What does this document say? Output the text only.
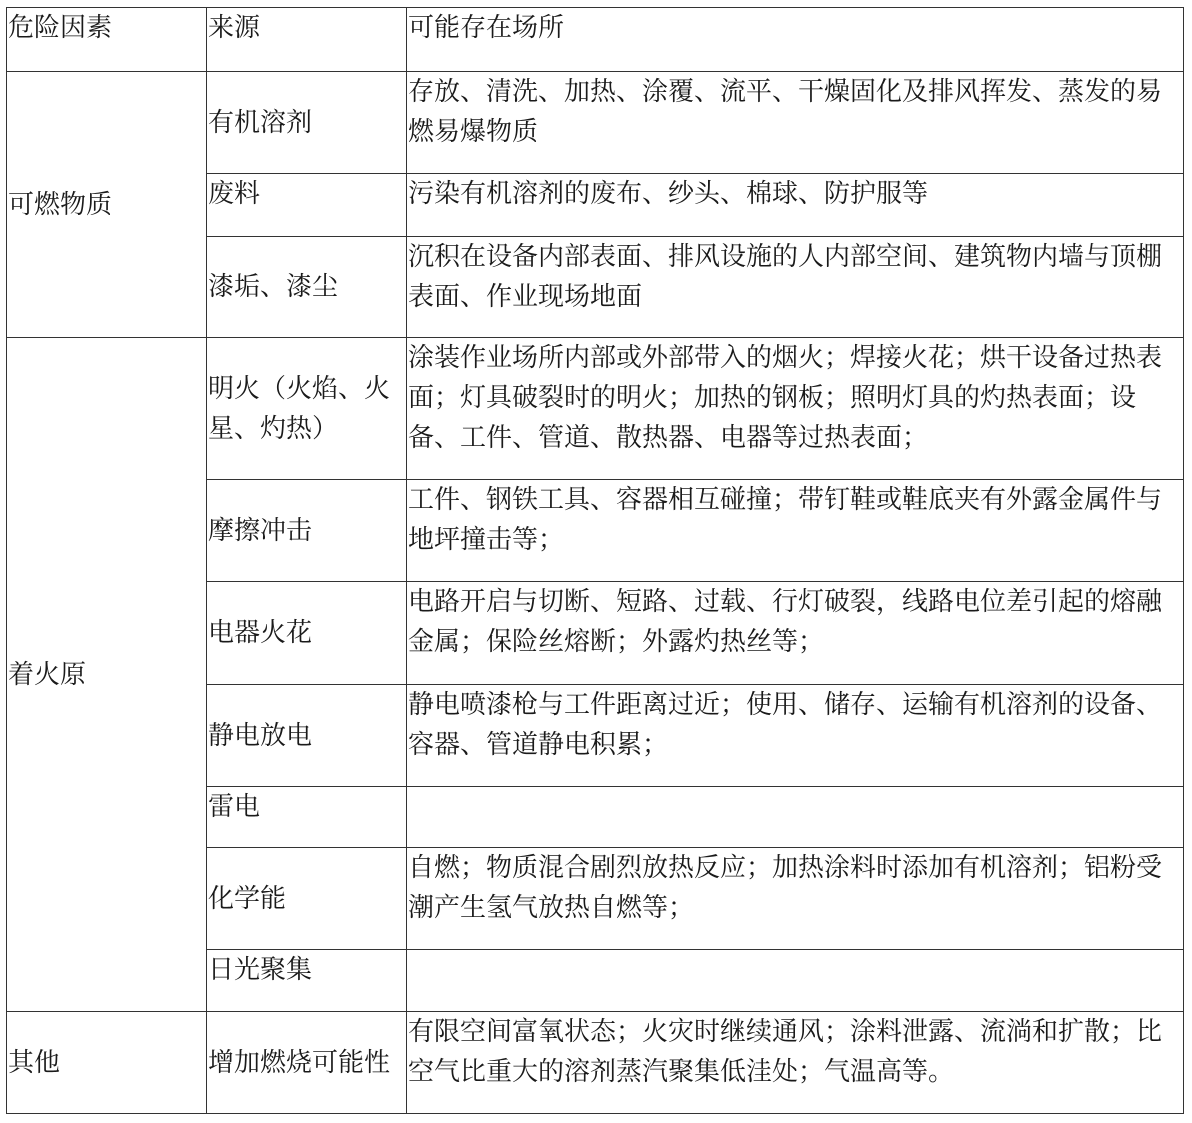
危险因素	来源	可能存在场所
可燃物质	有机溶剂	存放、清洗、加热、涂覆、流平、干燥固化及排风挥发、蒸发的易燃易爆物质
	废料	污染有机溶剂的废布、纱头、棉球、防护服等
	漆垢、漆尘	沉积在设备内部表面、排风设施的人内部空间、建筑物内墙与顶棚表面、作业现场地面
着火原	明火（火焰、火星、灼热）	涂装作业场所内部或外部带入的烟火；焊接火花；烘干设备过热表面；灯具破裂时的明火；加热的钢板；照明灯具的灼热表面；设备、工件、管道、散热器、电器等过热表面；
	摩擦冲击	工件、钢铁工具、容器相互碰撞；带钉鞋或鞋底夹有外露金属件与地坪撞击等；
	电器火花	电路开启与切断、短路、过载、行灯破裂，线路电位差引起的熔融金属；保险丝熔断；外露灼热丝等；
	静电放电	静电喷漆枪与工件距离过近；使用、储存、运输有机溶剂的设备、容器、管道静电积累；
	雷电	
	化学能	自燃；物质混合剧烈放热反应；加热涂料时添加有机溶剂；铝粉受潮产生氢气放热自燃等；
	日光聚集	
其他	增加燃烧可能性	有限空间富氧状态；火灾时继续通风；涂料泄露、流淌和扩散；比空气比重大的溶剂蒸汽聚集低洼处；气温高等。
